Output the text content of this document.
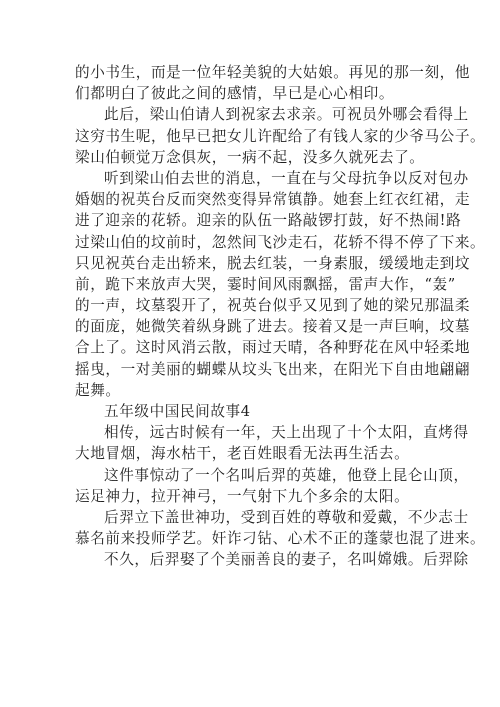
的小书生，而是一位年轻美貌的大姑娘。再见的那一刻，他
们都明白了彼此之间的感情，早已是心心相印。
此后，梁山伯请人到祝家去求亲。可祝员外哪会看得上
这穷书生呢，他早已把女儿许配给了有钱人家的少爷马公子。
梁山伯顿觉万念俱灰，一病不起，没多久就死去了。
听到梁山伯去世的消息，一直在与父母抗争以反对包办
婚姻的祝英台反而突然变得异常镇静。她套上红衣红裙，走
进了迎亲的花轿。迎亲的队伍一路敲锣打鼓，好不热闹!路
过梁山伯的坟前时，忽然间飞沙走石，花轿不得不停了下来。
只见祝英台走出轿来，脱去红装，一身素服，缓缓地走到坟
前，跪下来放声大哭，霎时间风雨飘摇，雷声大作，“轰”
的一声，坟墓裂开了，祝英台似乎又见到了她的梁兄那温柔
的面庞，她微笑着纵身跳了进去。接着又是一声巨响，坟墓
合上了。这时风消云散，雨过天晴，各种野花在风中轻柔地
摇曳，一对美丽的蝴蝶从坟头飞出来，在阳光下自由地翩翩
起舞。
五年级中国民间故事4
相传，远古时候有一年，天上出现了十个太阳，直烤得
大地冒烟，海水枯干，老百姓眼看无法再生活去。
这件事惊动了一个名叫后羿的英雄，他登上昆仑山顶，
运足神力，拉开神弓，一气射下九个多余的太阳。
后羿立下盖世神功，受到百姓的尊敬和爱戴，不少志士
慕名前来投师学艺。奸诈刁钻、心术不正的蓬蒙也混了进来。
不久，后羿娶了个美丽善良的妻子，名叫嫦娥。后羿除
